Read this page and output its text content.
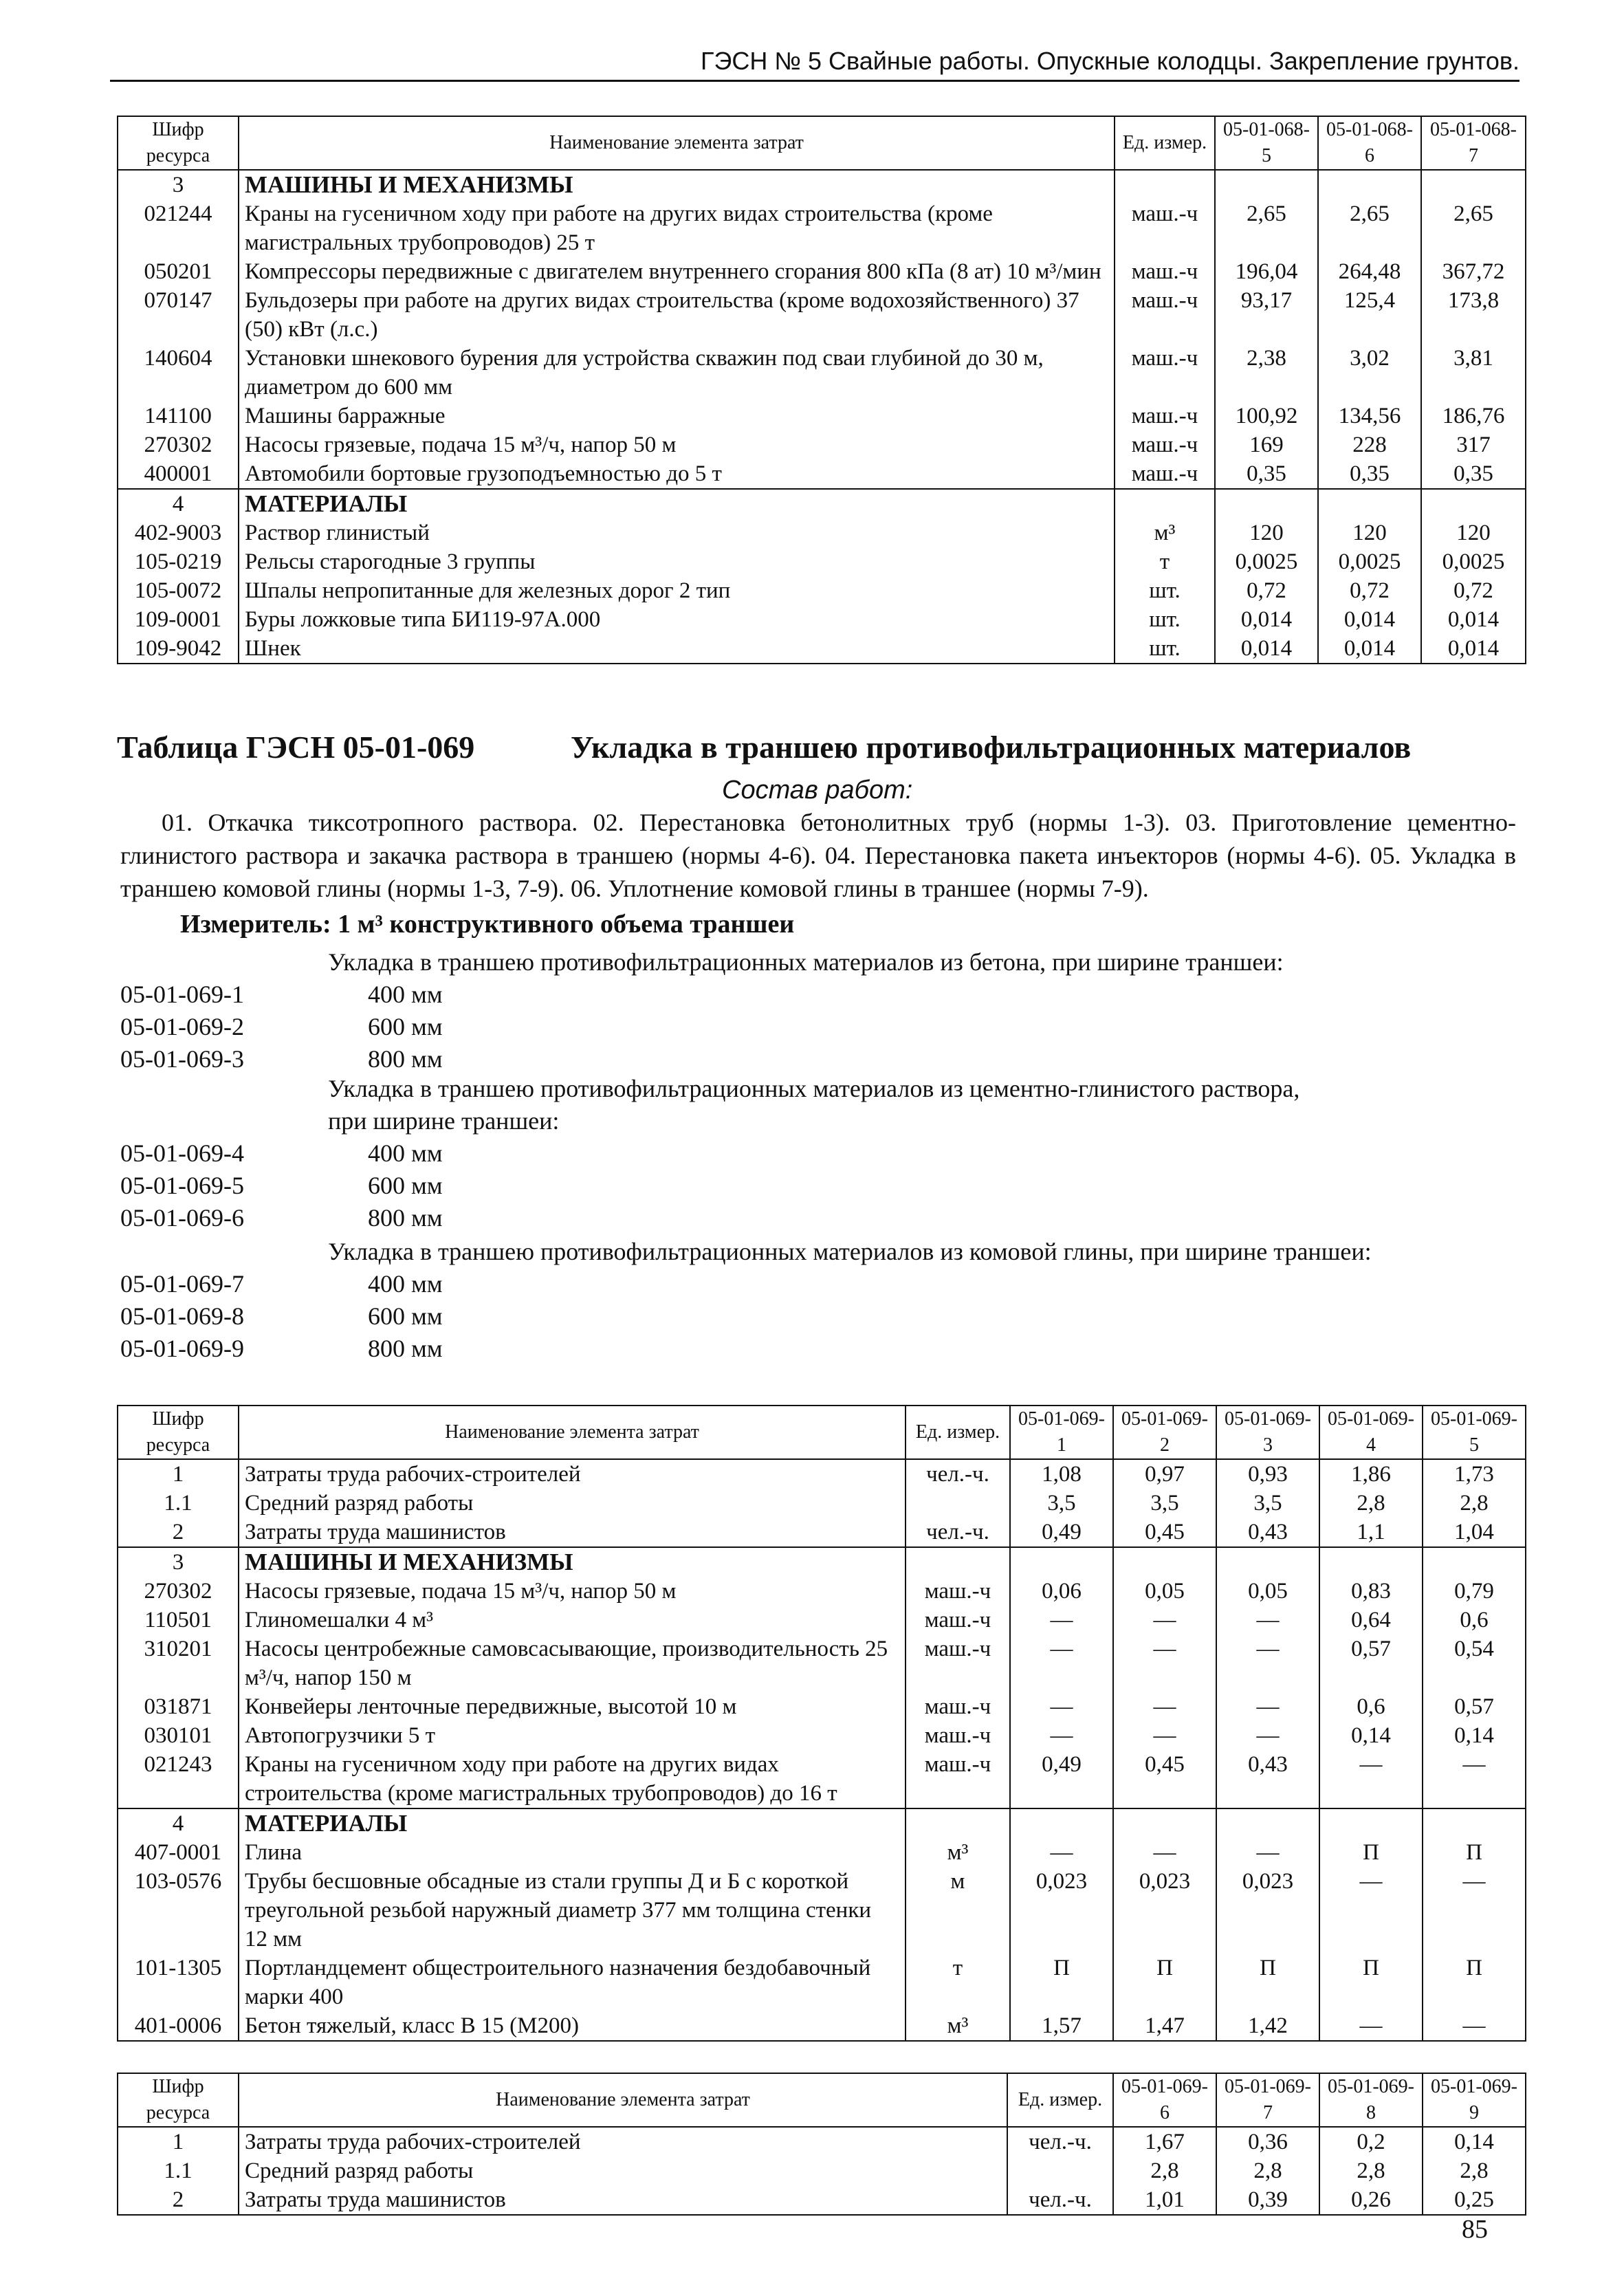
ГЭСН № 5 Свайные работы. Опускные колодцы. Закрепление грунтов.
Шифр ресурса	Наименование элемента затрат	Ед. измер.	05-01-068-5	05-01-068-6	05-01-068-7
3	МАШИНЫ И МЕХАНИЗМЫ				
021244	Краны на гусеничном ходу при работе на других видах строительства (кроме магистральных трубопроводов) 25 т	маш.-ч	2,65	2,65	2,65
050201	Компрессоры передвижные с двигателем внутреннего сгорания 800 кПа (8 ат) 10 м³/мин	маш.-ч	196,04	264,48	367,72
070147	Бульдозеры при работе на других видах строительства (кроме водохозяйственного) 37 (50) кВт (л.с.)	маш.-ч	93,17	125,4	173,8
140604	Установки шнекового бурения для устройства скважин под сваи глубиной до 30 м, диаметром до 600 мм	маш.-ч	2,38	3,02	3,81
141100	Машины барражные	маш.-ч	100,92	134,56	186,76
270302	Насосы грязевые, подача 15 м³/ч, напор 50 м	маш.-ч	169	228	317
400001	Автомобили бортовые грузоподъемностью до 5 т	маш.-ч	0,35	0,35	0,35
4	МАТЕРИАЛЫ				
402-9003	Раствор глинистый	м³	120	120	120
105-0219	Рельсы старогодные 3 группы	т	0,0025	0,0025	0,0025
105-0072	Шпалы непропитанные для железных дорог 2 тип	шт.	0,72	0,72	0,72
109-0001	Буры ложковые типа БИ119-97А.000	шт.	0,014	0,014	0,014
109-9042	Шнек	шт.	0,014	0,014	0,014
Таблица ГЭСН 05-01-069	Укладка в траншею противофильтрационных материалов
Состав работ:
01. Откачка тиксотропного раствора. 02. Перестановка бетонолитных труб (нормы 1-3). 03. Приготовление цементно-глинистого раствора и закачка раствора в траншею (нормы 4-6). 04. Перестановка пакета инъекторов (нормы 4-6). 05. Укладка в траншею комовой глины (нормы 1-3, 7-9). 06. Уплотнение комовой глины в траншее (нормы 7-9).
Измеритель: 1 м³ конструктивного объема траншеи
Укладка в траншею противофильтрационных материалов из бетона, при ширине траншеи:
05-01-069-1	400 мм
05-01-069-2	600 мм
05-01-069-3	800 мм
Укладка в траншею противофильтрационных материалов из цементно-глинистого раствора,
при ширине траншеи:
05-01-069-4	400 мм
05-01-069-5	600 мм
05-01-069-6	800 мм
Укладка в траншею противофильтрационных материалов из комовой глины, при ширине траншеи:
05-01-069-7	400 мм
05-01-069-8	600 мм
05-01-069-9	800 мм
Шифр ресурса	Наименование элемента затрат	Ед. измер.	05-01-069-1	05-01-069-2	05-01-069-3	05-01-069-4	05-01-069-5
1	Затраты труда рабочих-строителей	чел.-ч.	1,08	0,97	0,93	1,86	1,73
1.1	Средний разряд работы		3,5	3,5	3,5	2,8	2,8
2	Затраты труда машинистов	чел.-ч.	0,49	0,45	0,43	1,1	1,04
3	МАШИНЫ И МЕХАНИЗМЫ						
270302	Насосы грязевые, подача 15 м³/ч, напор 50 м	маш.-ч	0,06	0,05	0,05	0,83	0,79
110501	Глиномешалки 4 м³	маш.-ч	—	—	—	0,64	0,6
310201	Насосы центробежные самовсасывающие, производительность 25 м³/ч, напор 150 м	маш.-ч	—	—	—	0,57	0,54
031871	Конвейеры ленточные передвижные, высотой 10 м	маш.-ч	—	—	—	0,6	0,57
030101	Автопогрузчики 5 т	маш.-ч	—	—	—	0,14	0,14
021243	Краны на гусеничном ходу при работе на других видах строительства (кроме магистральных трубопроводов) до 16 т	маш.-ч	0,49	0,45	0,43	—	—
4	МАТЕРИАЛЫ						
407-0001	Глина	м³	—	—	—	П	П
103-0576	Трубы бесшовные обсадные из стали группы Д и Б с короткой треугольной резьбой наружный диаметр 377 мм толщина стенки 12 мм	м	0,023	0,023	0,023	—	—
101-1305	Портландцемент общестроительного назначения бездобавочный марки 400	т	П	П	П	П	П
401-0006	Бетон тяжелый, класс В 15 (М200)	м³	1,57	1,47	1,42	—	—
Шифр ресурса	Наименование элемента затрат	Ед. измер.	05-01-069-6	05-01-069-7	05-01-069-8	05-01-069-9
1	Затраты труда рабочих-строителей	чел.-ч.	1,67	0,36	0,2	0,14
1.1	Средний разряд работы		2,8	2,8	2,8	2,8
2	Затраты труда машинистов	чел.-ч.	1,01	0,39	0,26	0,25
85
